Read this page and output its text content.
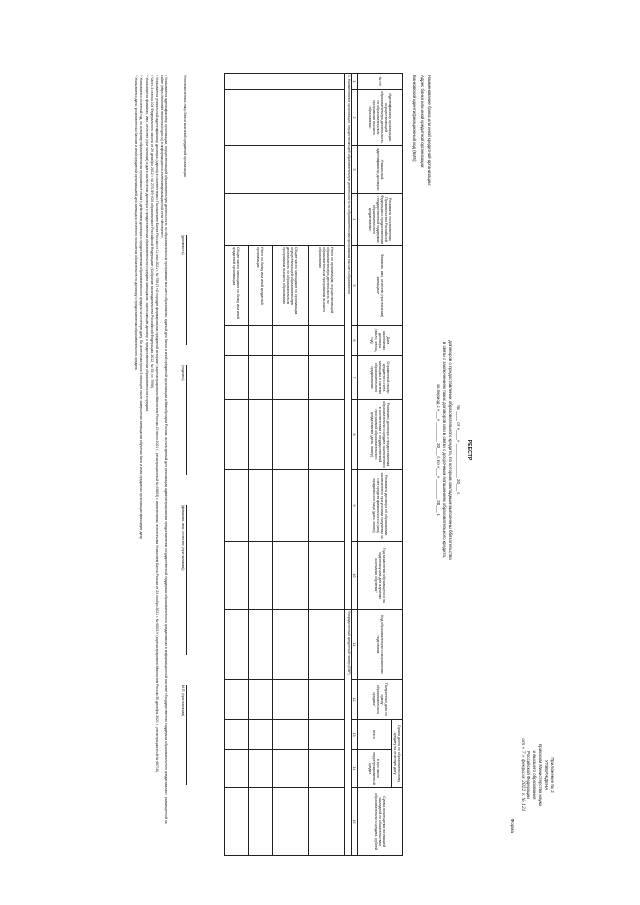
Приложение № 2
УТВЕРЖДЕНА
приказом Министерства науки
и высшего образования
Российской Федерации
от « 7 » февраля 2022 г. № 121
Форма
РЕЕСТР
№ ____ от «____» ______________ 20___ г.
договоров о предоставлении образовательного кредита, по которым закладным выполнены ббязательства
в связи с заключением таких договоров или в связи с досрочным погашением образовательного кредита,
за период с «___» ________ 20___ г. по «___» ________ 20___ г.
Наименование банка или иной кредитной организации:
Адрес банка или иной кредитной организации:
Банковский идентификационный код (БИК):
№ п/п	Идентификатор организации, осуществляющей образовательную деятельность, по образовательным программам высшего образования¹	Уникальный идентификатор договора²	Реквизиты постановления Правительства Российской Федерации о предоставлении государственной поддержки образовательного кредитования³	Фамилия, имя, отчество (при наличии) заемщика⁴	Дата заключения договора (число, месяц, год)	Отраженный номер кредитного счета заемщика в системе образовательного кредитования	Реквизиты договора о предоставлении образовательного кредита заключенного в соответствии с государственной программой образовательного кредитования (дата, номер)	Реквизиты договора об образовании, заключенного при условии получения за счет средств физического и (или) юридического лица (дата, номер)	Год зачисления обучающегося на подготовку или для изучения окончания обучения⁵	Код образовательного направления подготовки	Полученная дата по сумму образовательного кредита⁶	Сумма долга по образовательному кредиту на отчетную дату		Сумма возмещения возникшей закладной по обязательствам образовательного кредита, рублей
												всего	в том числе неурегулированный кредит	
1	2	3	4	5	6	7	8	9	10	11	12	13	14	15
1. Наименование организации, осуществляющей образовательную деятельность по образовательным программам высшего образования										Упорядоченный кредитный номер (ЕФР)				
				Итого по организации, осуществляющей образовательную деятельность по образовательным программам высшего образования										
				Общее число заемщиков по организации, осуществляющей образовательную деятельность по образовательным программам высшего образования										
				Итого по банку или иной кредитной организации										
				Общее число заемщиков по банку или иной кредитной организации										
Уполномоченное лицо банка или иной кредитной организации
(должность)
(подпись)
(фамилия, имя, отчество (при наличии))
М.П. (при наличии)
¹ Указывается идентификатор организации, осуществляющей образовательную деятельность по образовательным программам высшего образования, единый для банка и иной кредитной организации и Минобрнауки России, используемый для реализации администрирования предоставления государственной поддержки образовательного кредитования в информационной системе «Государственная поддержка образовательного кредитования», размещенной на сайте (https://obrkredit.minobrnauki.gov.ru) в информационно-телекоммуникационной сети «Интернет».
² Указывается уникальный идентификатор договора (сделки) в соответствии с Положением Банка России от 11 мая 2021 г. № 758-П «О порядке формирования кредитной истории» (зарегистрировано Минюстом России 15 июня 2021 г., регистрационный № 63853) с изменениями, внесенными Указанием Банка России от 24 ноября 2021 г. № 6003-У (зарегистрировано Минюстом России 30 декабря 2021 г., регистрационный № 66716).
³ Часть 4 статьи 104 Федерального закона от 29 декабря 2012 г. № 273-ФЗ «Об образовании в Российской Федерации» (Собрание законодательства Российской Федерации, 2012, № 53, ст. 7598).
⁴ Указываются фамилия, имя, отчество (при наличии) и дата заключения договора о предоставлении образовательного кредита заемщиком, заключившим договор о предоставлении образовательного кредита.
⁵ Указывается отчетный год, по которому образовательная программа в связи с действием договора о предоставлении образовательного кредита на отчетную дату. По истечении срока 9 месяцев после завершения заемщиком обучения банк и иная кредитная организация фиксирует дату.
⁶ Указывается дата, установленная банком и иной кредитной организацией для заемщика отчетного погашения обязательств по договору о предоставлении образовательного кредита.
